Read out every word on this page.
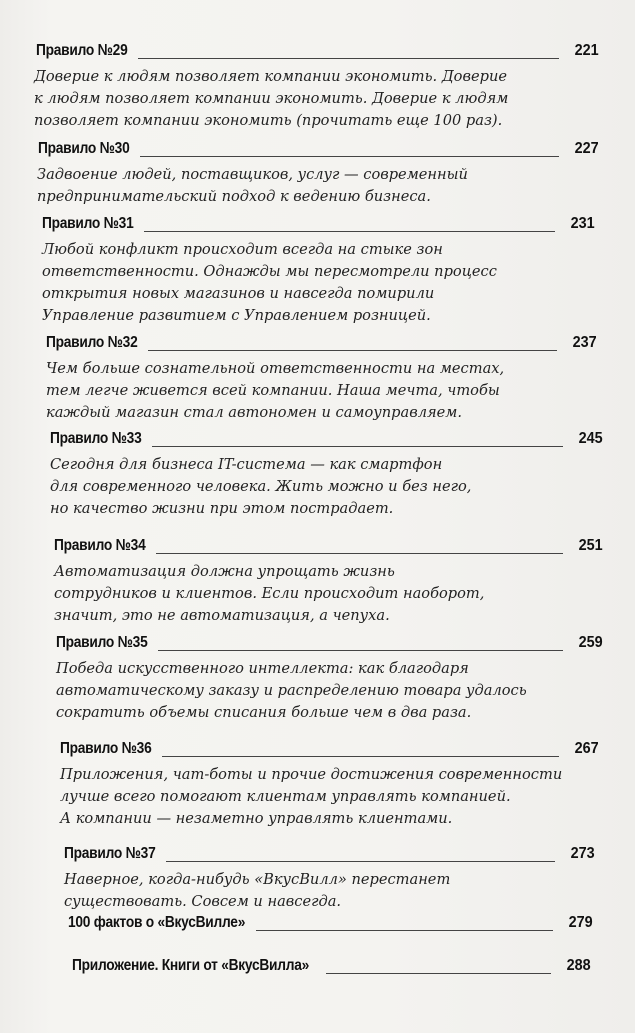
Правило №29	221
Доверие к людям позволяет компании экономить. Доверие
к людям позволяет компании экономить. Доверие к людям
позволяет компании экономить (прочитать еще 100 раз).
Правило №30	227
Задвоение людей, поставщиков, услуг — современный
предпринимательский подход к ведению бизнеса.
Правило №31	231
Любой конфликт происходит всегда на стыке зон
ответственности. Однажды мы пересмотрели процесс
открытия новых магазинов и навсегда помирили
Управление развитием с Управлением розницей.
Правило №32	237
Чем больше сознательной ответственности на местах,
тем легче живется всей компании. Наша мечта, чтобы
каждый магазин стал автономен и самоуправляем.
Правило №33	245
Сегодня для бизнеса IT-система — как смартфон
для современного человека. Жить можно и без него,
но качество жизни при этом пострадает.
Правило №34	251
Автоматизация должна упрощать жизнь
сотрудников и клиентов. Если происходит наоборот,
значит, это не автоматизация, а чепуха.
Правило №35	259
Победа искусственного интеллекта: как благодаря
автоматическому заказу и распределению товара удалось
сократить объемы списания больше чем в два раза.
Правило №36	267
Приложения, чат-боты и прочие достижения современности
лучше всего помогают клиентам управлять компанией.
А компании — незаметно управлять клиентами.
Правило №37	273
Наверное, когда-нибудь «ВкусВилл» перестанет
существовать. Совсем и навсегда.
100 фактов о «ВкусВилле»	279
Приложение. Книги от «ВкусВилла»	288
